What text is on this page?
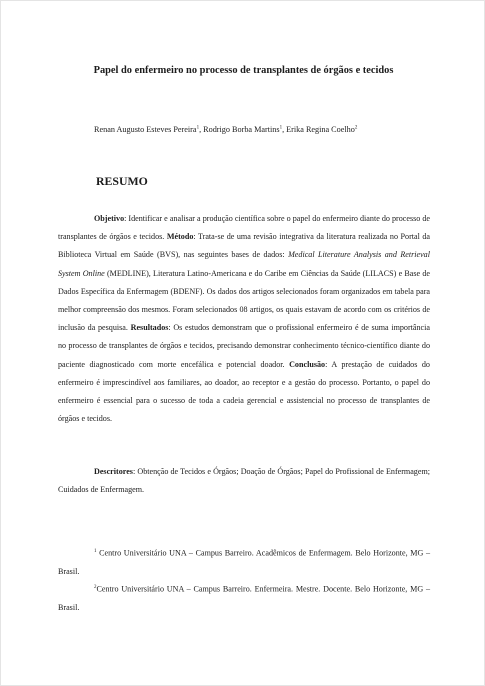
Papel do enfermeiro no processo de transplantes de órgãos e tecidos
Renan Augusto Esteves Pereira$^1$, Rodrigo Borba Martins$^1$, Erika Regina Coelho$^2$
RESUMO

Objetivo: Identificar e analisar a produção científica sobre o papel do enfermeiro diante do processo de transplantes de órgãos e tecidos. Método: Trata-se de uma revisão integrativa da literatura realizada no Portal da Biblioteca Virtual em Saúde (BVS), nas seguintes bases de dados: Medical Literature Analysis and Retrieval System Online (MEDLINE), Literatura Latino-Americana e do Caribe em Ciências da Saúde (LILACS) e Base de Dados Específica da Enfermagem (BDENF). Os dados dos artigos selecionados foram organizados em tabela para melhor compreensão dos mesmos. Foram selecionados 08 artigos, os quais estavam de acordo com os critérios de inclusão da pesquisa. Resultados: Os estudos demonstram que o profissional enfermeiro é de suma importância no processo de transplantes de órgãos e tecidos, precisando demonstrar conhecimento técnico-científico diante do paciente diagnosticado com morte encefálica e potencial doador. Conclusão: A prestação de cuidados do enfermeiro é imprescindível aos familiares, ao doador, ao receptor e a gestão do processo. Portanto, o papel do enfermeiro é essencial para o sucesso de toda a cadeia gerencial e assistencial no processo de transplantes de órgãos e tecidos.

Descritores: Obtenção de Tecidos e Órgãos; Doação de Órgãos; Papel do Profissional de Enfermagem; Cuidados de Enfermagem.

$^1$ Centro Universitário UNA – Campus Barreiro. Acadêmicos de Enfermagem. Belo Horizonte, MG – Brasil.

$^2$Centro Universitário UNA – Campus Barreiro. Enfermeira. Mestre. Docente. Belo Horizonte, MG – Brasil.
